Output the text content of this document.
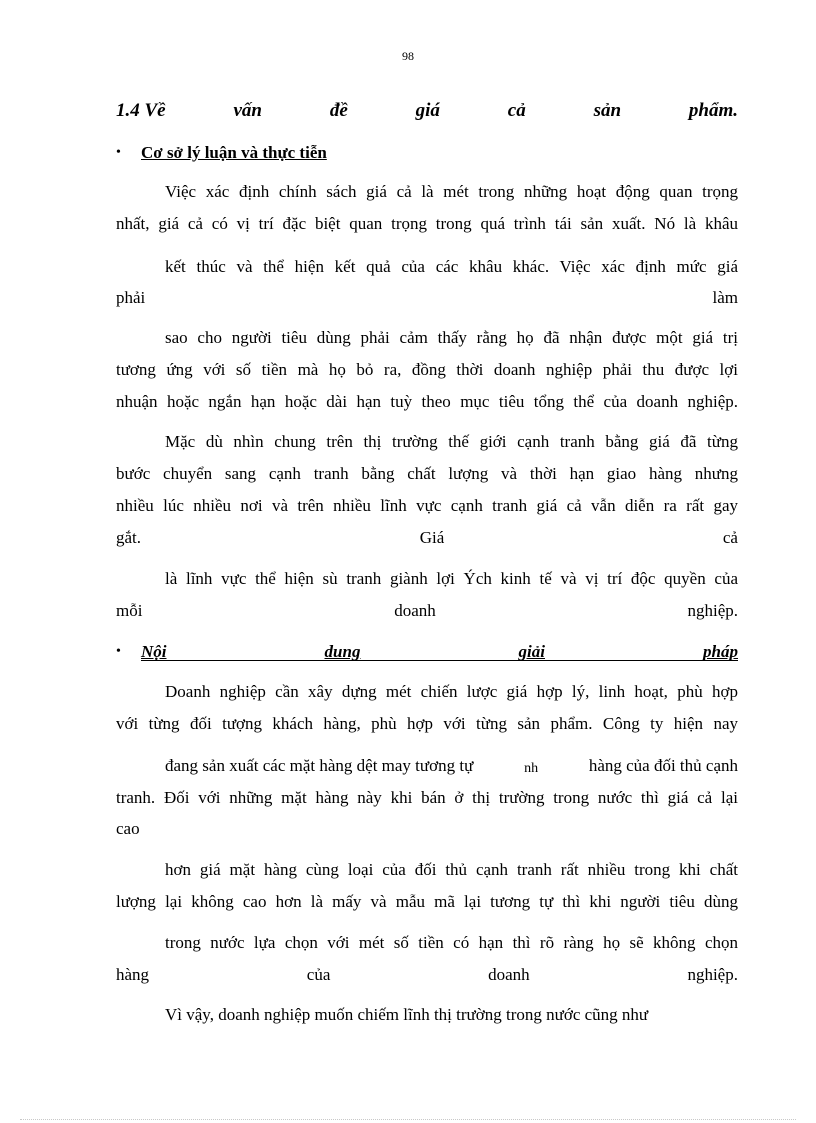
98
1.4 Về	vấn	đề	giá	cả	sản	phẩm.
• Cơ sở lý luận và thực tiễn
Việc xác định chính sách giá cả là mét trong những hoạt động quan trọng
nhất, giá cả có vị trí đặc biệt quan trọng trong quá trình tái sản xuất. Nó là khâu
kết thúc và thể hiện kết quả của các khâu khác. Việc xác định mức giá
phải	làm
sao cho người tiêu dùng phải cảm thấy rằng họ đã nhận được một giá trị
tương ứng với số tiền mà họ bỏ ra, đồng thời doanh nghiệp phải thu được lợi
nhuận hoặc ngắn hạn hoặc dài hạn tuỳ theo mục tiêu tổng thể của doanh nghiệp.
Mặc dù nhìn chung trên thị trường thế giới cạnh tranh bằng giá đã từng
bước chuyển sang cạnh tranh bằng chất lượng và thời hạn giao hàng nhưng
nhiều lúc nhiều nơi và trên nhiều lĩnh vực cạnh tranh giá cả vẫn diễn ra rất gay
gắt.	Giá	cả
là lĩnh vực thể hiện sù tranh giành lợi Ých kinh tế và vị trí độc quyền của
mỗi	doanh	nghiệp.
• Nội	dung	giải	pháp
Doanh nghiệp cần xây dựng mét chiến lược giá hợp lý, linh hoạt, phù hợp
với từng đối tượng khách hàng, phù hợp với từng sản phẩm. Công ty hiện nay
đang sản xuất các mặt hàng dệt may tương tự	nh	hàng của đối thủ cạnh
tranh. Đối với những mặt hàng này khi bán ở thị trường trong nước thì giá cả lại
cao
hơn giá mặt hàng cùng loại của đối thủ cạnh tranh rất nhiều trong khi chất
lượng lại không cao hơn là mấy và mẫu mã lại tương tự thì khi người tiêu dùng
trong nước lựa chọn với mét số tiền có hạn thì rõ ràng họ sẽ không chọn
hàng	của	doanh	nghiệp.
Vì vậy, doanh nghiệp muốn chiếm lĩnh thị trường trong nước cũng như
